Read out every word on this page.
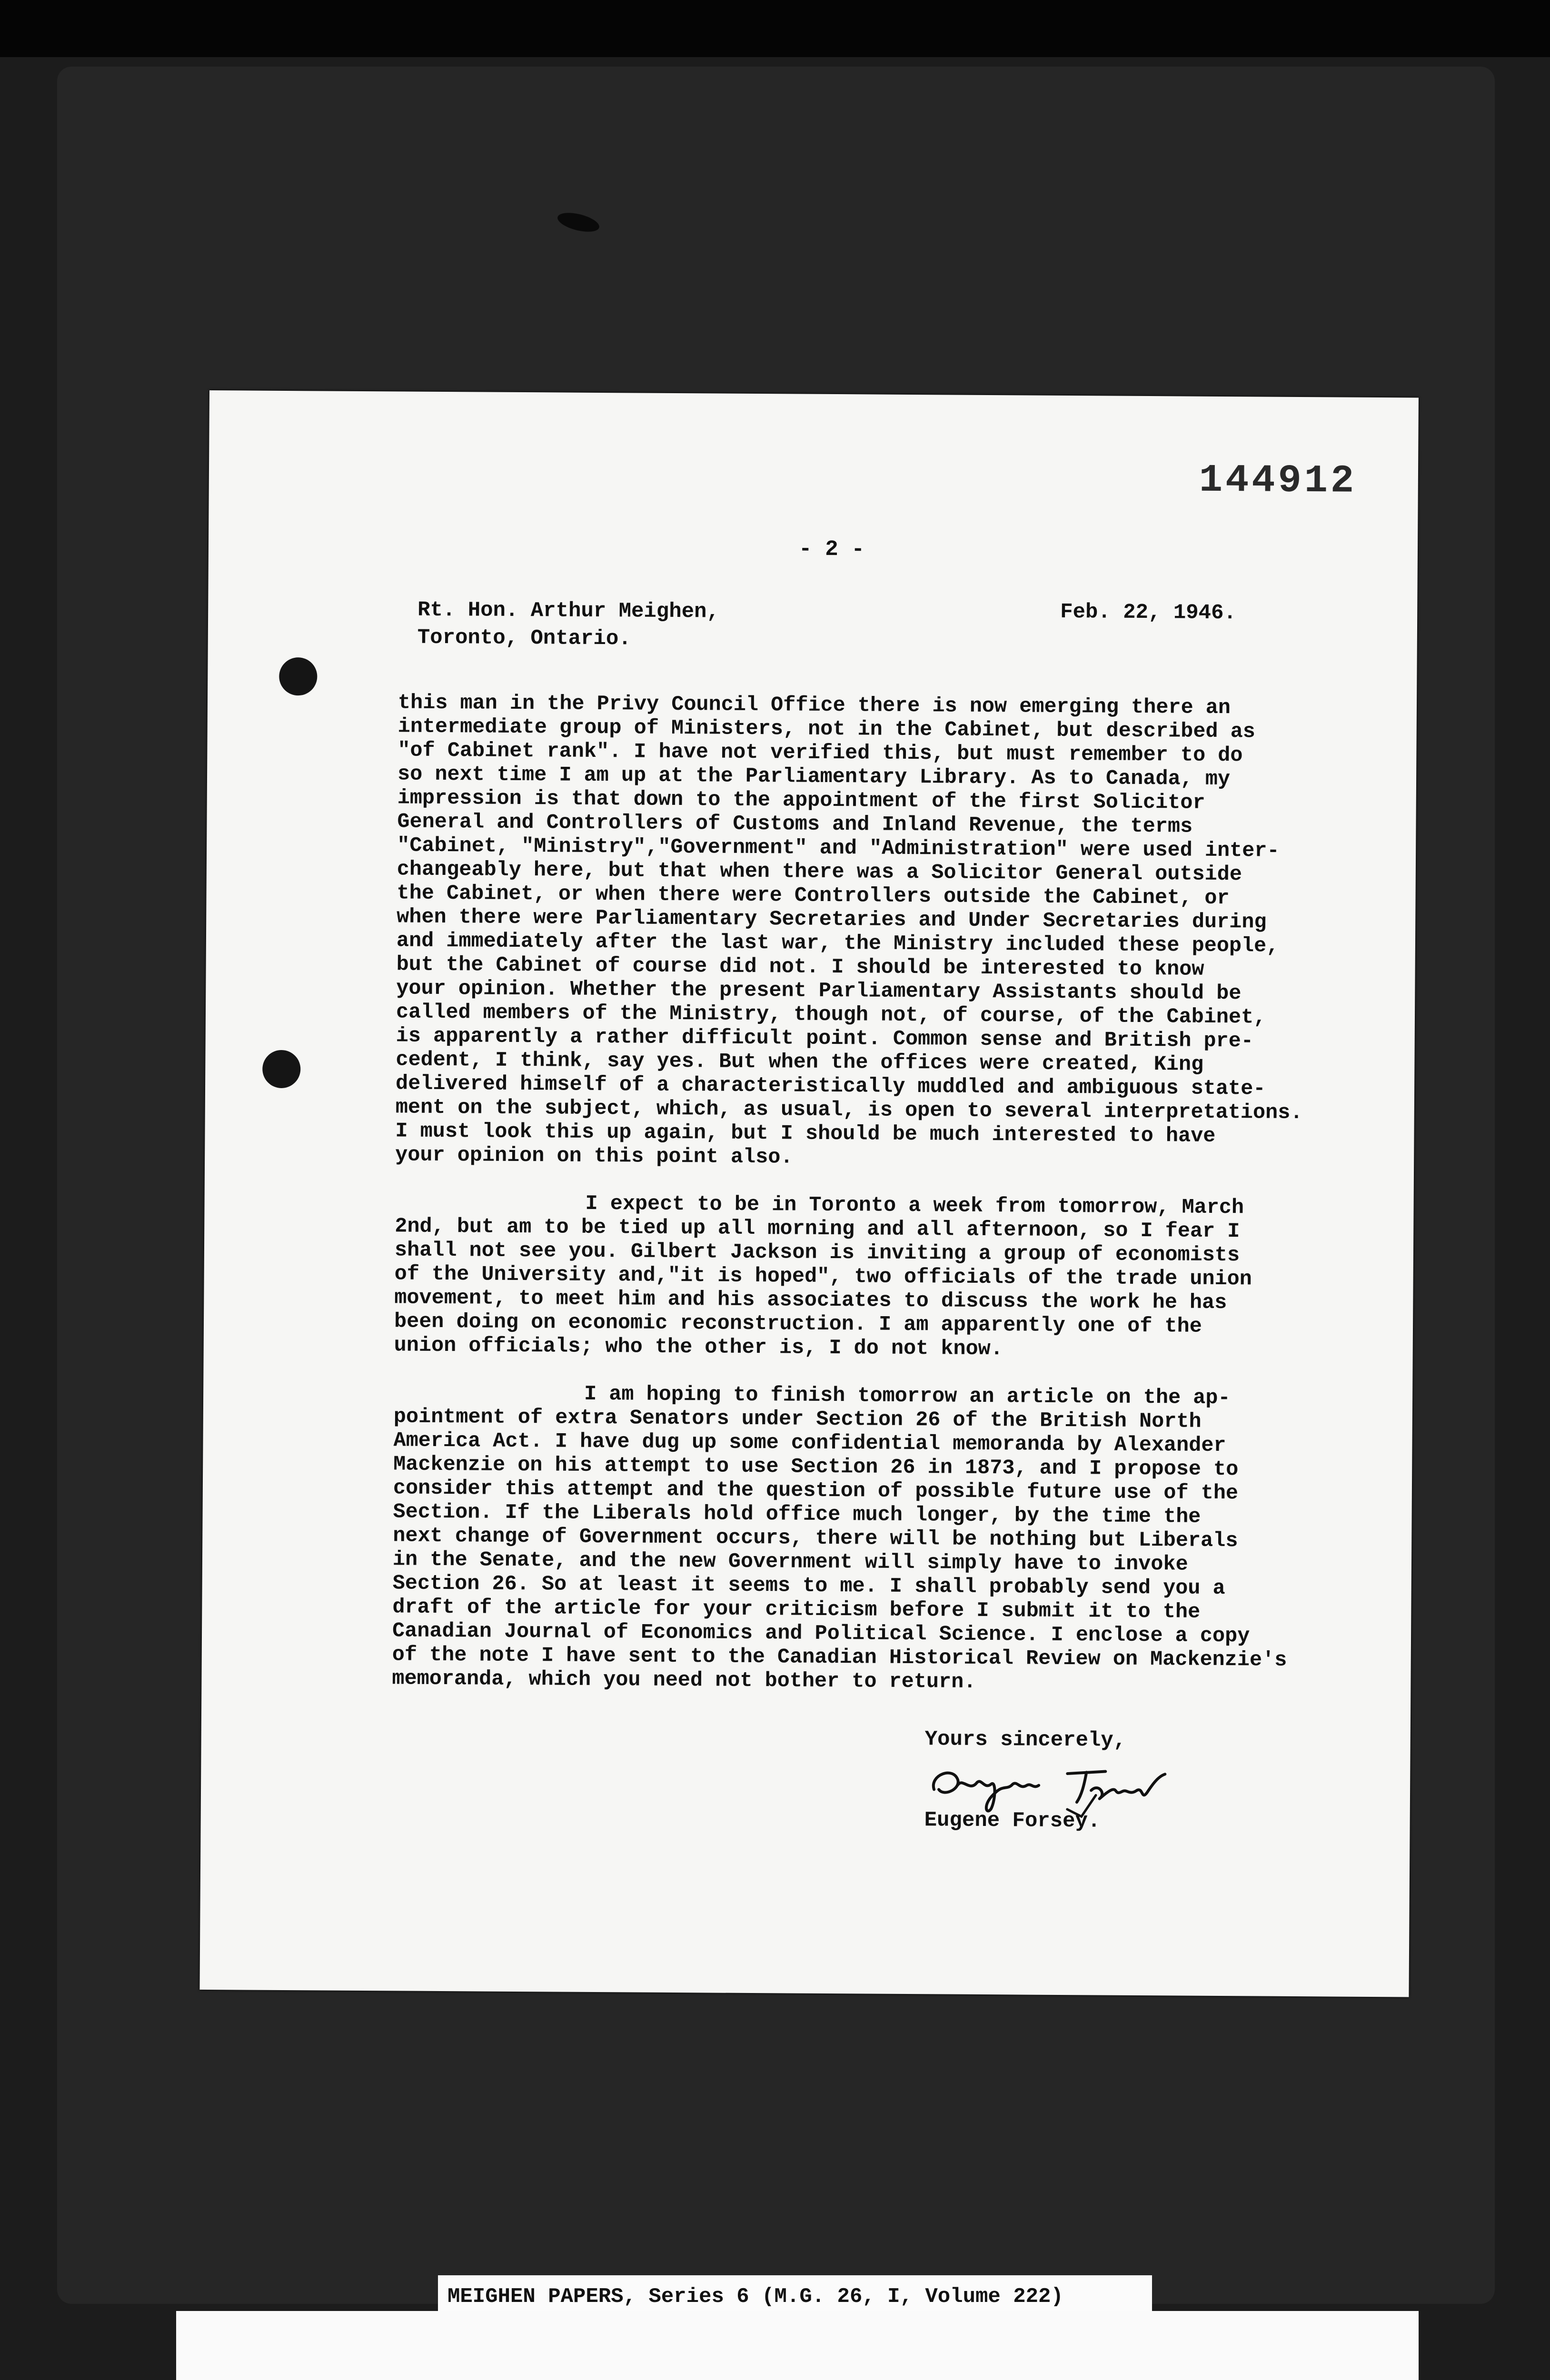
144912
- 2 -
Rt. Hon. Arthur Meighen,
Toronto, Ontario.
Feb. 22, 1946.
this man in the Privy Council Office there is now emerging there an
intermediate group of Ministers, not in the Cabinet, but described as
"of Cabinet rank". I have not verified this, but must remember to do
so next time I am up at the Parliamentary Library. As to Canada, my
impression is that down to the appointment of the first Solicitor
General and Controllers of Customs and Inland Revenue, the terms
"Cabinet, "Ministry","Government" and "Administration" were used inter-
changeably here, but that when there was a Solicitor General outside
the Cabinet, or when there were Controllers outside the Cabinet, or
when there were Parliamentary Secretaries and Under Secretaries during
and immediately after the last war, the Ministry included these people,
but the Cabinet of course did not. I should be interested to know
your opinion. Whether the present Parliamentary Assistants should be
called members of the Ministry, though not, of course, of the Cabinet,
is apparently a rather difficult point. Common sense and British pre-
cedent, I think, say yes. But when the offices were created, King
delivered himself of a characteristically muddled and ambiguous state-
ment on the subject, which, as usual, is open to several interpretations.
I must look this up again, but I should be much interested to have
your opinion on this point also.
I expect to be in Toronto a week from tomorrow, March
2nd, but am to be tied up all morning and all afternoon, so I fear I
shall not see you. Gilbert Jackson is inviting a group of economists
of the University and,"it is hoped", two officials of the trade union
movement, to meet him and his associates to discuss the work he has
been doing on economic reconstruction. I am apparently one of the
union officials; who the other is, I do not know.
I am hoping to finish tomorrow an article on the ap-
pointment of extra Senators under Section 26 of the British North
America Act. I have dug up some confidential memoranda by Alexander
Mackenzie on his attempt to use Section 26 in 1873, and I propose to
consider this attempt and the question of possible future use of the
Section. If the Liberals hold office much longer, by the time the
next change of Government occurs, there will be nothing but Liberals
in the Senate, and the new Government will simply have to invoke
Section 26. So at least it seems to me. I shall probably send you a
draft of the article for your criticism before I submit it to the
Canadian Journal of Economics and Political Science. I enclose a copy
of the note I have sent to the Canadian Historical Review on Mackenzie's
memoranda, which you need not bother to return.
Yours sincerely,
Eugene Forsey.
MEIGHEN PAPERS, Series 6 (M.G. 26, I, Volume 222)
